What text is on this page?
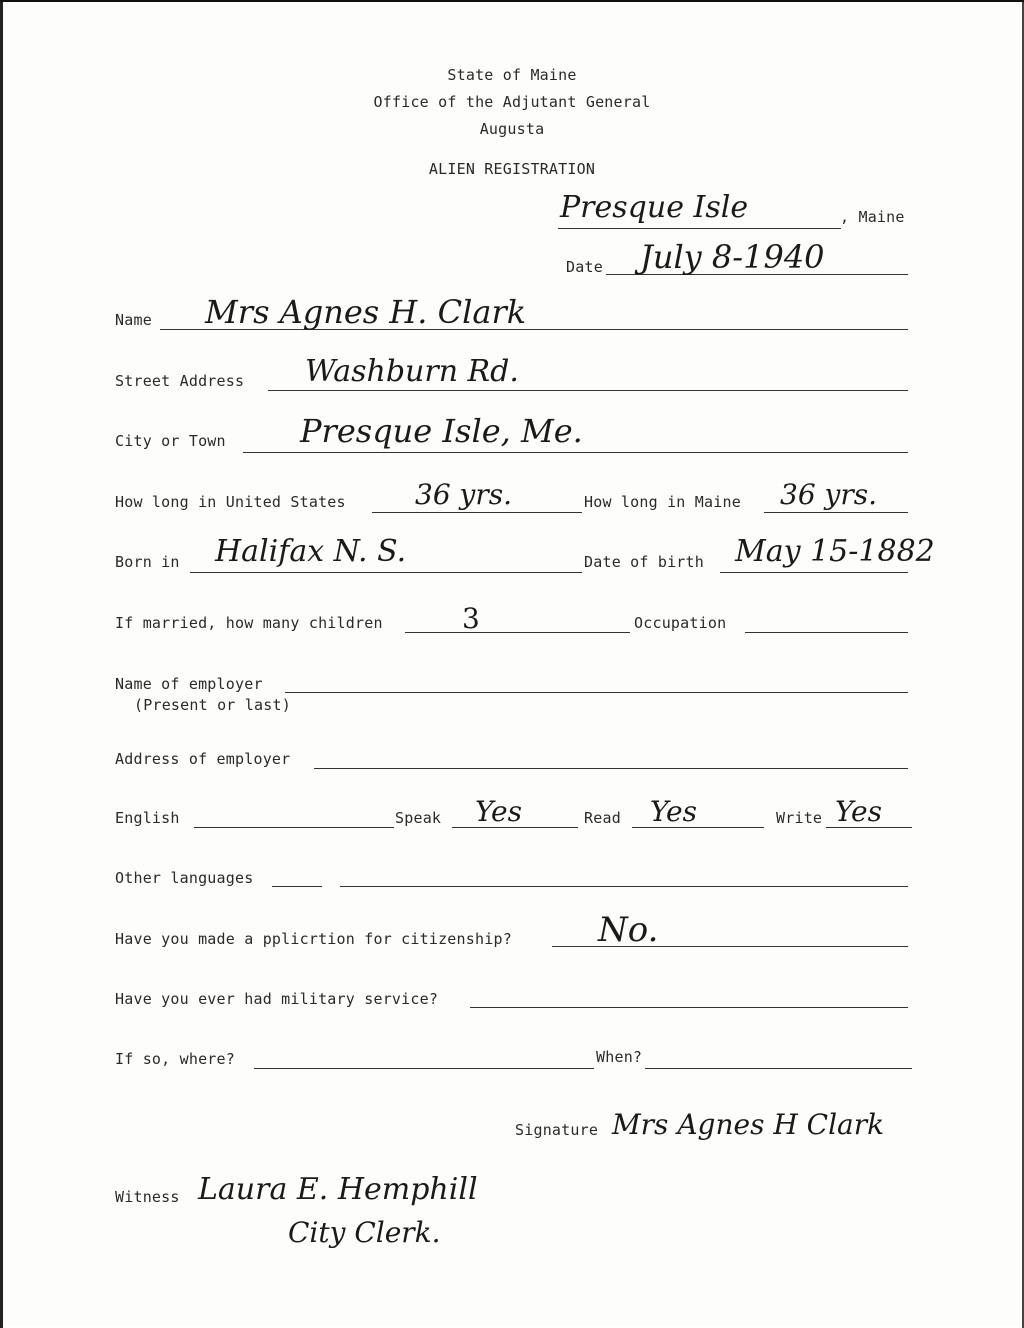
State of Maine
Office of the Adjutant General
Augusta
ALIEN REGISTRATION
Presque Isle	, Maine
Date July 8-1940
Name Mrs Agnes H. Clark
Street Address Washburn Rd.
City or Town Presque Isle, Me.
How long in United States 36 yrs.	How long in Maine 36 yrs.
Born in Halifax N. S.	Date of birth May 15-1882
If married, how many children	3	Occupation
Name of employer
(Present or last)
Address of employer
English	Speak Yes	Read Yes	Write Yes
Other languages
Have you made a pplicrtion for citizenship?	No.
Have you ever had military service?
If so, where?	When?
Signature Mrs Agnes H Clark
Witness Laura E. Hemphill
City Clerk.
